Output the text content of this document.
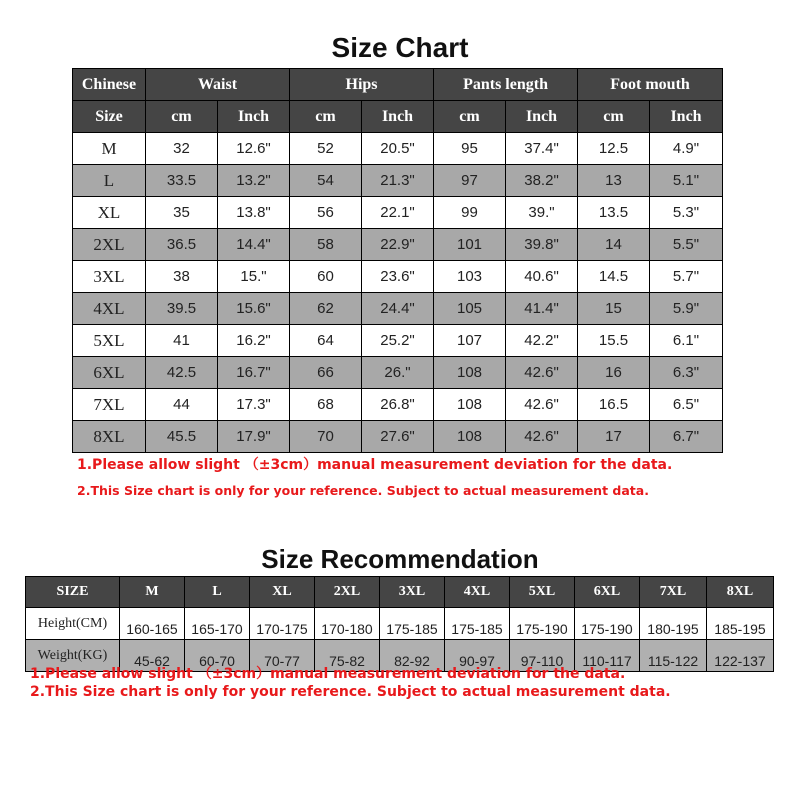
Size Chart
Chinese	Waist		Hips		Pants length		Foot mouth	
Size	cm	Inch	cm	Inch	cm	Inch	cm	Inch
M	32	12.6"	52	20.5"	95	37.4"	12.5	4.9"
L	33.5	13.2"	54	21.3"	97	38.2"	13	5.1"
XL	35	13.8"	56	22.1"	99	39."	13.5	5.3"
2XL	36.5	14.4"	58	22.9"	101	39.8"	14	5.5"
3XL	38	15."	60	23.6"	103	40.6"	14.5	5.7"
4XL	39.5	15.6"	62	24.4"	105	41.4"	15	5.9"
5XL	41	16.2"	64	25.2"	107	42.2"	15.5	6.1"
6XL	42.5	16.7"	66	26."	108	42.6"	16	6.3"
7XL	44	17.3"	68	26.8"	108	42.6"	16.5	6.5"
8XL	45.5	17.9"	70	27.6"	108	42.6"	17	6.7"
1.Please allow slight （±3cm）manual measurement deviation for the data.
2.This Size chart is only for your reference. Subject to actual measurement data.
Size Recommendation
SIZE	M	L	XL	2XL	3XL	4XL	5XL	6XL	7XL	8XL
Height(CM)	160-165	165-170	170-175	170-180	175-185	175-185	175-190	175-190	180-195	185-195
Weight(KG)	45-62	60-70	70-77	75-82	82-92	90-97	97-110	110-117	115-122	122-137
1.Please allow slight （±3cm）manual measurement deviation for the data.
2.This Size chart is only for your reference. Subject to actual measurement data.
